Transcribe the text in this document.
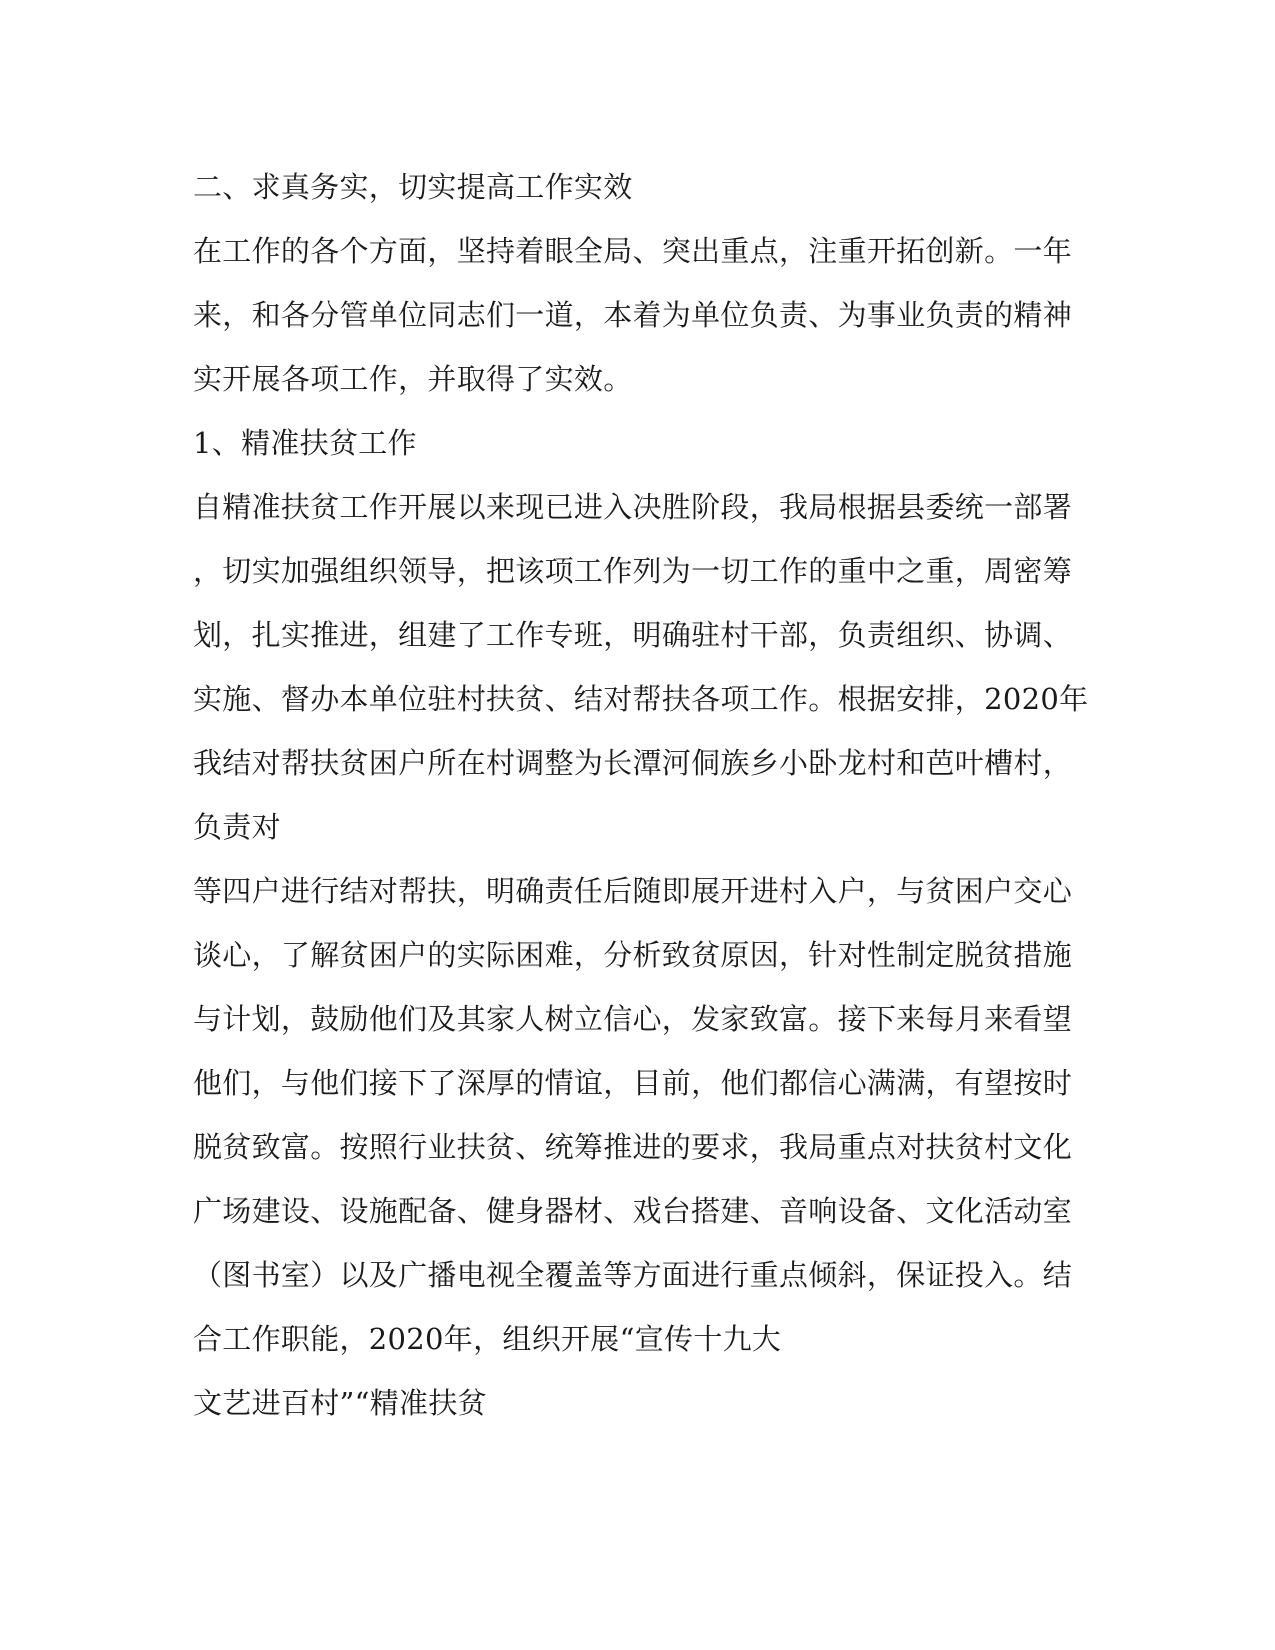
二、求真务实，切实提高工作实效
在工作的各个方面，坚持着眼全局、突出重点，注重开拓创新。一年
来，和各分管单位同志们一道，本着为单位负责、为事业负责的精神
实开展各项工作，并取得了实效。
1、精准扶贫工作
自精准扶贫工作开展以来现已进入决胜阶段，我局根据县委统一部署
，切实加强组织领导，把该项工作列为一切工作的重中之重，周密筹
划，扎实推进，组建了工作专班，明确驻村干部，负责组织、协调、
实施、督办本单位驻村扶贫、结对帮扶各项工作。根据安排，2020年
我结对帮扶贫困户所在村调整为长潭河侗族乡小卧龙村和芭叶槽村，
负责对
等四户进行结对帮扶，明确责任后随即展开进村入户，与贫困户交心
谈心，了解贫困户的实际困难，分析致贫原因，针对性制定脱贫措施
与计划，鼓励他们及其家人树立信心，发家致富。接下来每月来看望
他们，与他们接下了深厚的情谊，目前，他们都信心满满，有望按时
脱贫致富。按照行业扶贫、统筹推进的要求，我局重点对扶贫村文化
广场建设、设施配备、健身器材、戏台搭建、音响设备、文化活动室
（图书室）以及广播电视全覆盖等方面进行重点倾斜，保证投入。结
合工作职能，2020年，组织开展“宣传十九大
文艺进百村”“精准扶贫
